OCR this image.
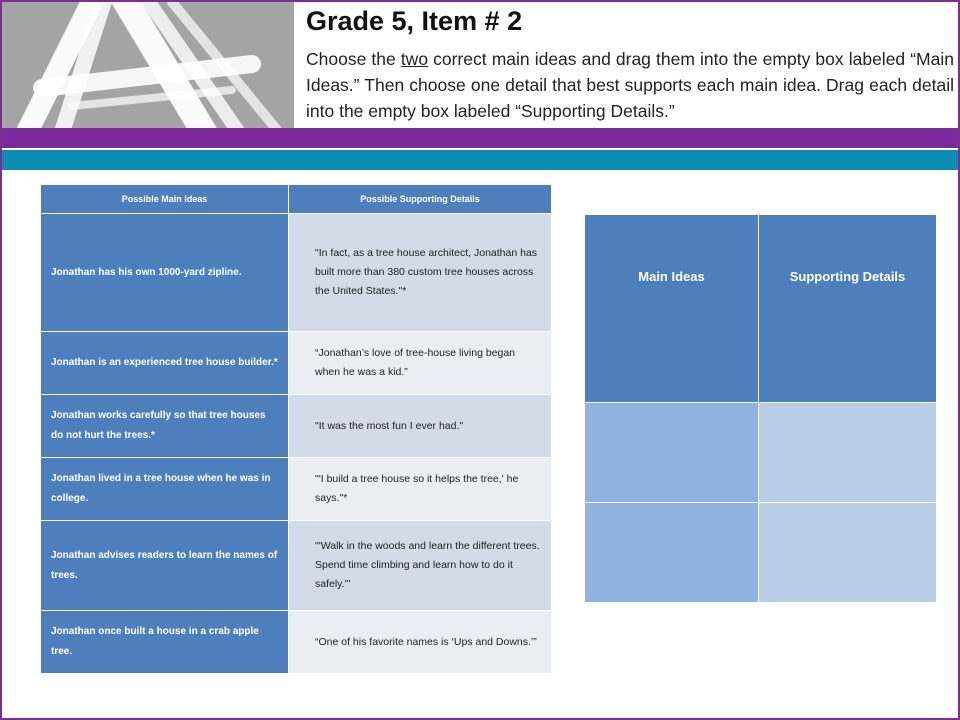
Grade 5, Item # 2
Choose the two correct main ideas and drag them into the empty box labeled “Main Ideas.” Then choose one detail that best supports each main idea. Drag each detail into the empty box labeled “Supporting Details.”
Possible Main Ideas	Possible Supporting Details
Jonathan has his own 1000-yard zipline.	"In fact, as a tree house architect, Jonathan has built more than 380 custom tree houses across the United States."*
Jonathan is an experienced tree house builder.*	“Jonathan’s love of tree-house living began when he was a kid.”
Jonathan works carefully so that tree houses do not hurt the trees.*	"It was the most fun I ever had."
Jonathan lived in a tree house when he was in college.	"'I build a tree house so it helps the tree,' he says."*
Jonathan advises readers to learn the names of trees.	"'Walk in the woods and learn the different trees. Spend time climbing and learn how to do it safely.'"
Jonathan once built a house in a crab apple tree.	“One of his favorite names is ‘Ups and Downs.’”
Main Ideas	Supporting Details
